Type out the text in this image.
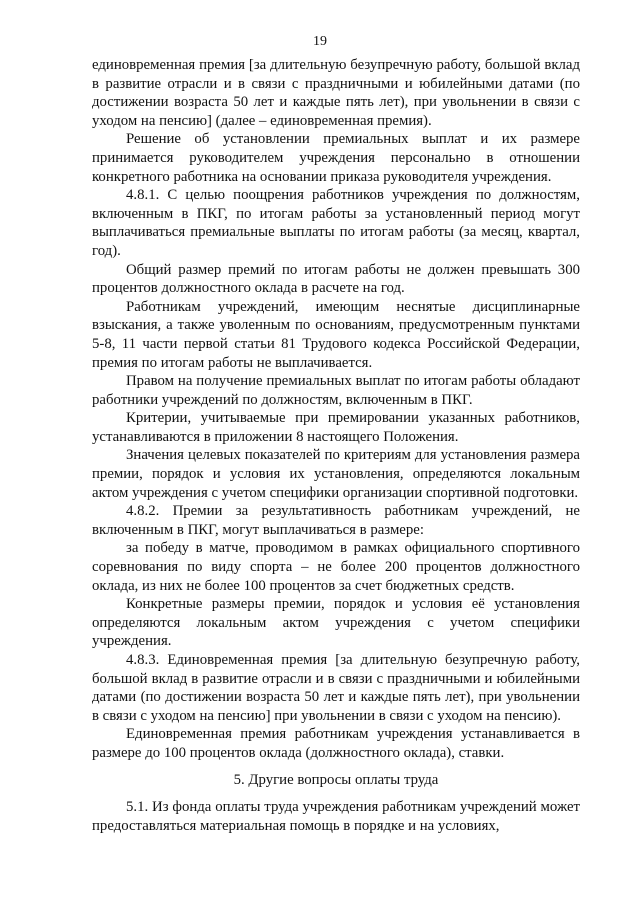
19

единовременная премия [за длительную безупречную работу, большой вклад в развитие отрасли и в связи с праздничными и юбилейными датами (по достижении возраста 50 лет и каждые пять лет), при увольнении в связи с уходом на пенсию] (далее – единовременная премия).

Решение об установлении премиальных выплат и их размере принимается руководителем учреждения персонально в отношении конкретного работника на основании приказа руководителя учреждения.

4.8.1. С целью поощрения работников учреждения по должностям, включенным в ПКГ, по итогам работы за установленный период могут выплачиваться премиальные выплаты по итогам работы (за месяц, квартал, год).

Общий размер премий по итогам работы не должен превышать 300 процентов должностного оклада в расчете на год.

Работникам учреждений, имеющим неснятые дисциплинарные взыскания, а также уволенным по основаниям, предусмотренным пунктами 5-8, 11 части первой статьи 81 Трудового кодекса Российской Федерации, премия по итогам работы не выплачивается.

Правом на получение премиальных выплат по итогам работы обладают работники учреждений по должностям, включенным в ПКГ.

Критерии, учитываемые при премировании указанных работников, устанавливаются в приложении 8 настоящего Положения.

Значения целевых показателей по критериям для установления размера премии, порядок и условия их установления, определяются локальным актом учреждения с учетом специфики организации спортивной подготовки.

4.8.2. Премии за результативность работникам учреждений, не включенным в ПКГ, могут выплачиваться в размере:

за победу в матче, проводимом в рамках официального спортивного соревнования по виду спорта – не более 200 процентов должностного оклада, из них не более 100 процентов за счет бюджетных средств.

Конкретные размеры премии, порядок и условия её установления определяются локальным актом учреждения с учетом специфики учреждения.

4.8.3. Единовременная премия [за длительную безупречную работу, большой вклад в развитие отрасли и в связи с праздничными и юбилейными датами (по достижении возраста 50 лет и каждые пять лет), при увольнении в связи с уходом на пенсию] при увольнении в связи с уходом на пенсию).

Единовременная премия работникам учреждения устанавливается в размере до 100 процентов оклада (должностного оклада), ставки.

5. Другие вопросы оплаты труда

5.1. Из фонда оплаты труда учреждения работникам учреждений может предоставляться материальная помощь в порядке и на условиях,
